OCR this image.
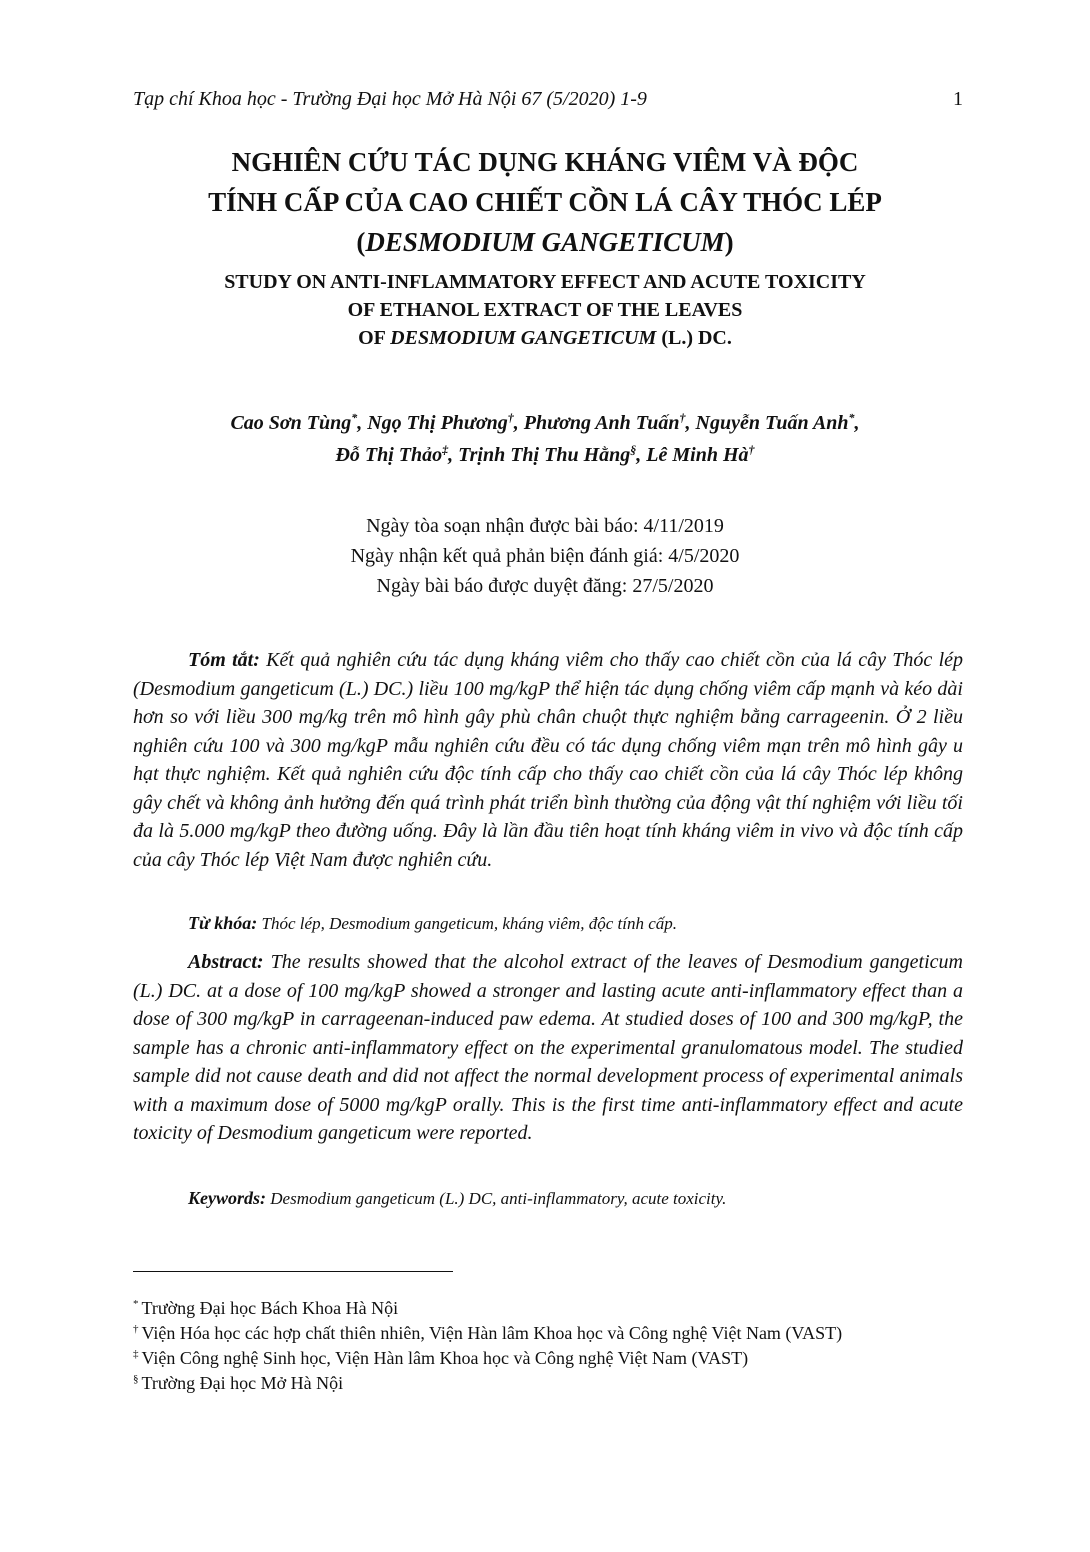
Tạp chí Khoa học - Trường Đại học Mở Hà Nội 67 (5/2020) 1-9	1
NGHIÊN CỨU TÁC DỤNG KHÁNG VIÊM VÀ ĐỘC
TÍNH CẤP CỦA CAO CHIẾT CỒN LÁ CÂY THÓC LÉP
(DESMODIUM GANGETICUM)
STUDY ON ANTI-INFLAMMATORY EFFECT AND ACUTE TOXICITY
OF ETHANOL EXTRACT OF THE LEAVES
OF DESMODIUM GANGETICUM (L.) DC.
Cao Sơn Tùng*, Ngọ Thị Phương†, Phương Anh Tuấn†, Nguyễn Tuấn Anh*,
Đỗ Thị Thảo‡, Trịnh Thị Thu Hằng§, Lê Minh Hà†
Ngày tòa soạn nhận được bài báo: 4/11/2019
Ngày nhận kết quả phản biện đánh giá: 4/5/2020
Ngày bài báo được duyệt đăng: 27/5/2020

Tóm tắt: Kết quả nghiên cứu tác dụng kháng viêm cho thấy cao chiết cồn của lá cây Thóc lép (Desmodium gangeticum (L.) DC.) liều 100 mg/kgP thể hiện tác dụng chống viêm cấp mạnh và kéo dài hơn so với liều 300 mg/kg trên mô hình gây phù chân chuột thực nghiệm bằng carrageenin. Ở 2 liều nghiên cứu 100 và 300 mg/kgP mẫu nghiên cứu đều có tác dụng chống viêm mạn trên mô hình gây u hạt thực nghiệm. Kết quả nghiên cứu độc tính cấp cho thấy cao chiết cồn của lá cây Thóc lép không gây chết và không ảnh hưởng đến quá trình phát triển bình thường của động vật thí nghiệm với liều tối đa là 5.000 mg/kgP theo đường uống. Đây là lần đầu tiên hoạt tính kháng viêm in vivo và độc tính cấp của cây Thóc lép Việt Nam được nghiên cứu.

Từ khóa: Thóc lép, Desmodium gangeticum, kháng viêm, độc tính cấp.

Abstract: The results showed that the alcohol extract of the leaves of Desmodium gangeticum (L.) DC. at a dose of 100 mg/kgP showed a stronger and lasting acute anti-inflammatory effect than a dose of 300 mg/kgP in carrageenan-induced paw edema. At studied doses of 100 and 300 mg/kgP, the sample has a chronic anti-inflammatory effect on the experimental granulomatous model. The studied sample did not cause death and did not affect the normal development process of experimental animals with a maximum dose of 5000 mg/kgP orally. This is the first time anti-inflammatory effect and acute toxicity of Desmodium gangeticum were reported.

Keywords: Desmodium gangeticum (L.) DC, anti-inflammatory, acute toxicity.

* Trường Đại học Bách Khoa Hà Nội
† Viện Hóa học các hợp chất thiên nhiên, Viện Hàn lâm Khoa học và Công nghệ Việt Nam (VAST)
‡ Viện Công nghệ Sinh học, Viện Hàn lâm Khoa học và Công nghệ Việt Nam (VAST)
§ Trường Đại học Mở Hà Nội
